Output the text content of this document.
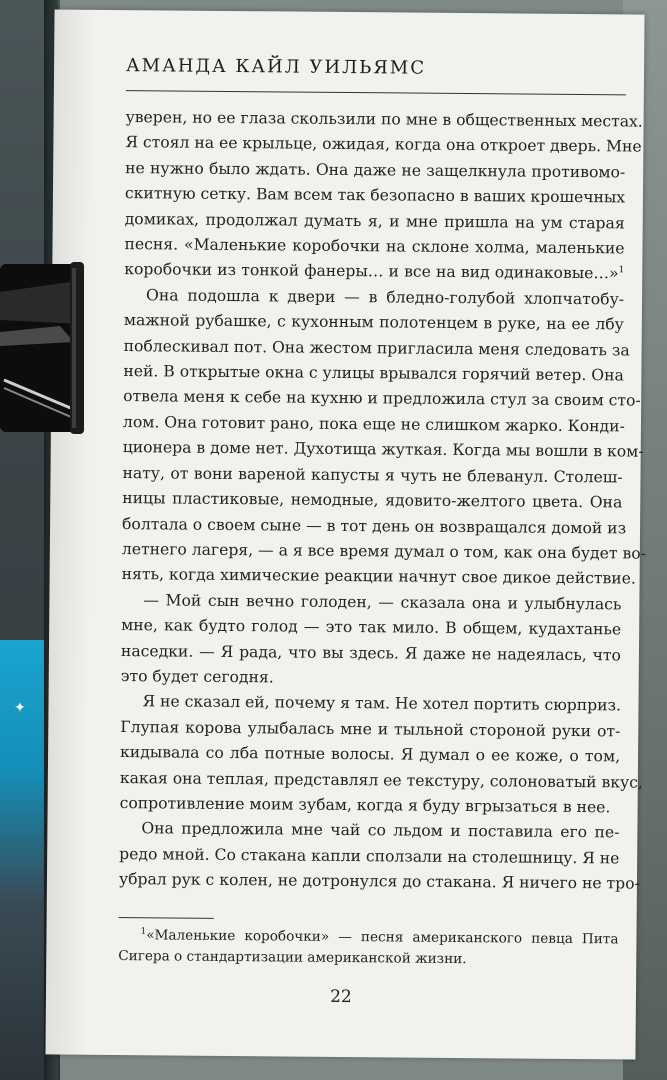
✦
АМАНДА КАЙЛ УИЛЬЯМС
уверен, но ее глаза скользили по мне в общественных местах.
Я стоял на ее крыльце, ожидая, когда она откроет дверь. Мне
не нужно было ждать. Она даже не защелкнула противомо-
скитную сетку. Вам всем так безопасно в ваших крошечных
домиках, продолжал думать я, и мне пришла на ум старая
песня. «Маленькие коробочки на склоне холма, маленькие
коробочки из тонкой фанеры… и все на вид одинаковые…»$^1$
Она подошла к двери — в бледно-голубой хлопчатобу-
мажной рубашке, с кухонным полотенцем в руке, на ее лбу
поблескивал пот. Она жестом пригласила меня следовать за
ней. В открытые окна с улицы врывался горячий ветер. Она
отвела меня к себе на кухню и предложила стул за своим сто-
лом. Она готовит рано, пока еще не слишком жарко. Конди-
ционера в доме нет. Духотища жуткая. Когда мы вошли в ком-
нату, от вони вареной капусты я чуть не блеванул. Столеш-
ницы пластиковые, немодные, ядовито-желтого цвета. Она
болтала о своем сыне — в тот день он возвращался домой из
летнего лагеря, — а я все время думал о том, как она будет во-
нять, когда химические реакции начнут свое дикое действие.
— Мой сын вечно голоден, — сказала она и улыбнулась
мне, как будто голод — это так мило. В общем, кудахтанье
наседки. — Я рада, что вы здесь. Я даже не надеялась, что
это будет сегодня.
Я не сказал ей, почему я там. Не хотел портить сюрприз.
Глупая корова улыбалась мне и тыльной стороной руки от-
кидывала со лба потные волосы. Я думал о ее коже, о том,
какая она теплая, представлял ее текстуру, солоноватый вкус,
сопротивление моим зубам, когда я буду вгрызаться в нее.
Она предложила мне чай со льдом и поставила его пе-
редо мной. Со стакана капли сползали на столешницу. Я не
убрал рук с колен, не дотронулся до стакана. Я ничего не тро-
$^1$«Маленькие коробочки» — песня американского певца Пита
Сигера о стандартизации американской жизни.
22
